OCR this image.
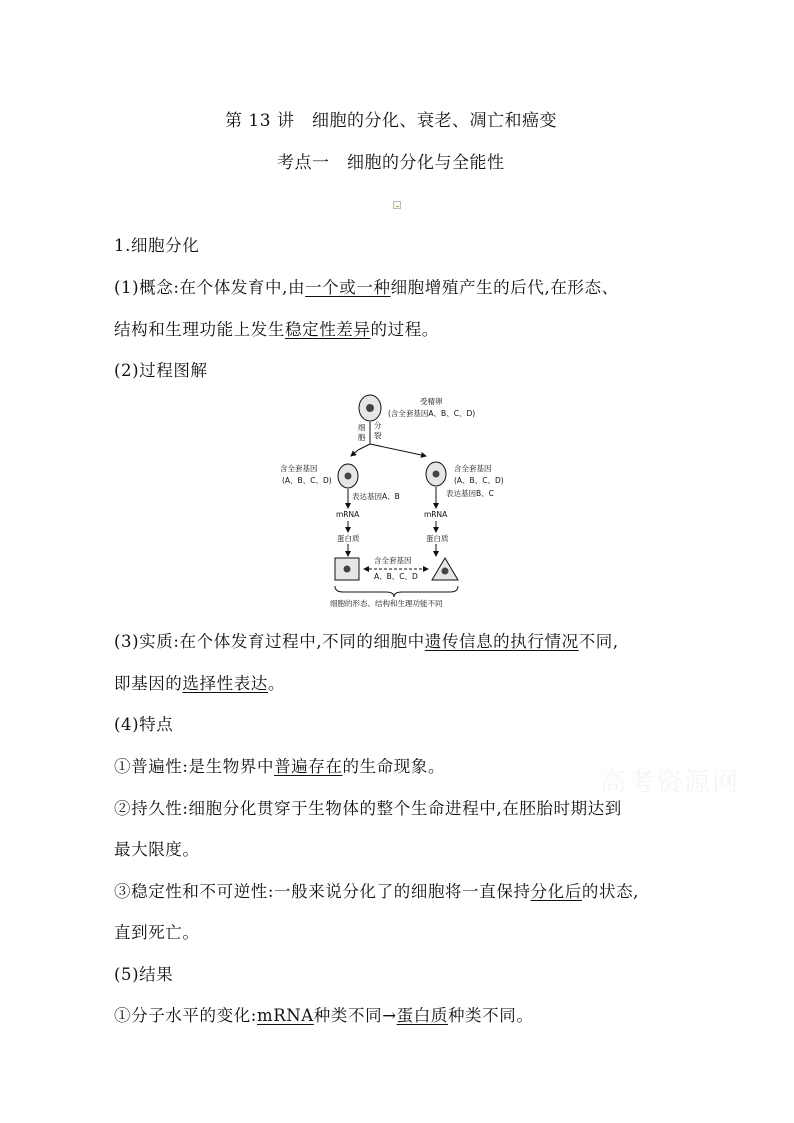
第 13 讲　细胞的分化、衰老、凋亡和癌变
考点一　细胞的分化与全能性
1.细胞分化
(1)概念:在个体发育中,由一个或一种细胞增殖产生的后代,在形态、
结构和生理功能上发生稳定性差异的过程。
(2)过程图解
受精卵
(含全套基因A、B、C、D)
细
胞
分
裂
含全套基因
(A、B、C、D)
含全套基因
(A、B、C、D)
表达基因A、B
mRNA
蛋白质
表达基因B、C
mRNA
蛋白质
含全套基因
A、B、C、D
细胞的形态、结构和生理功能不同
(3)实质:在个体发育过程中,不同的细胞中遗传信息的执行情况不同,
即基因的选择性表达。
(4)特点
①普遍性:是生物界中普遍存在的生命现象。
②持久性:细胞分化贯穿于生物体的整个生命进程中,在胚胎时期达到
最大限度。
③稳定性和不可逆性:一般来说分化了的细胞将一直保持分化后的状态,
直到死亡。
(5)结果
①分子水平的变化:mRNA种类不同→蛋白质种类不同。
高考资源网
